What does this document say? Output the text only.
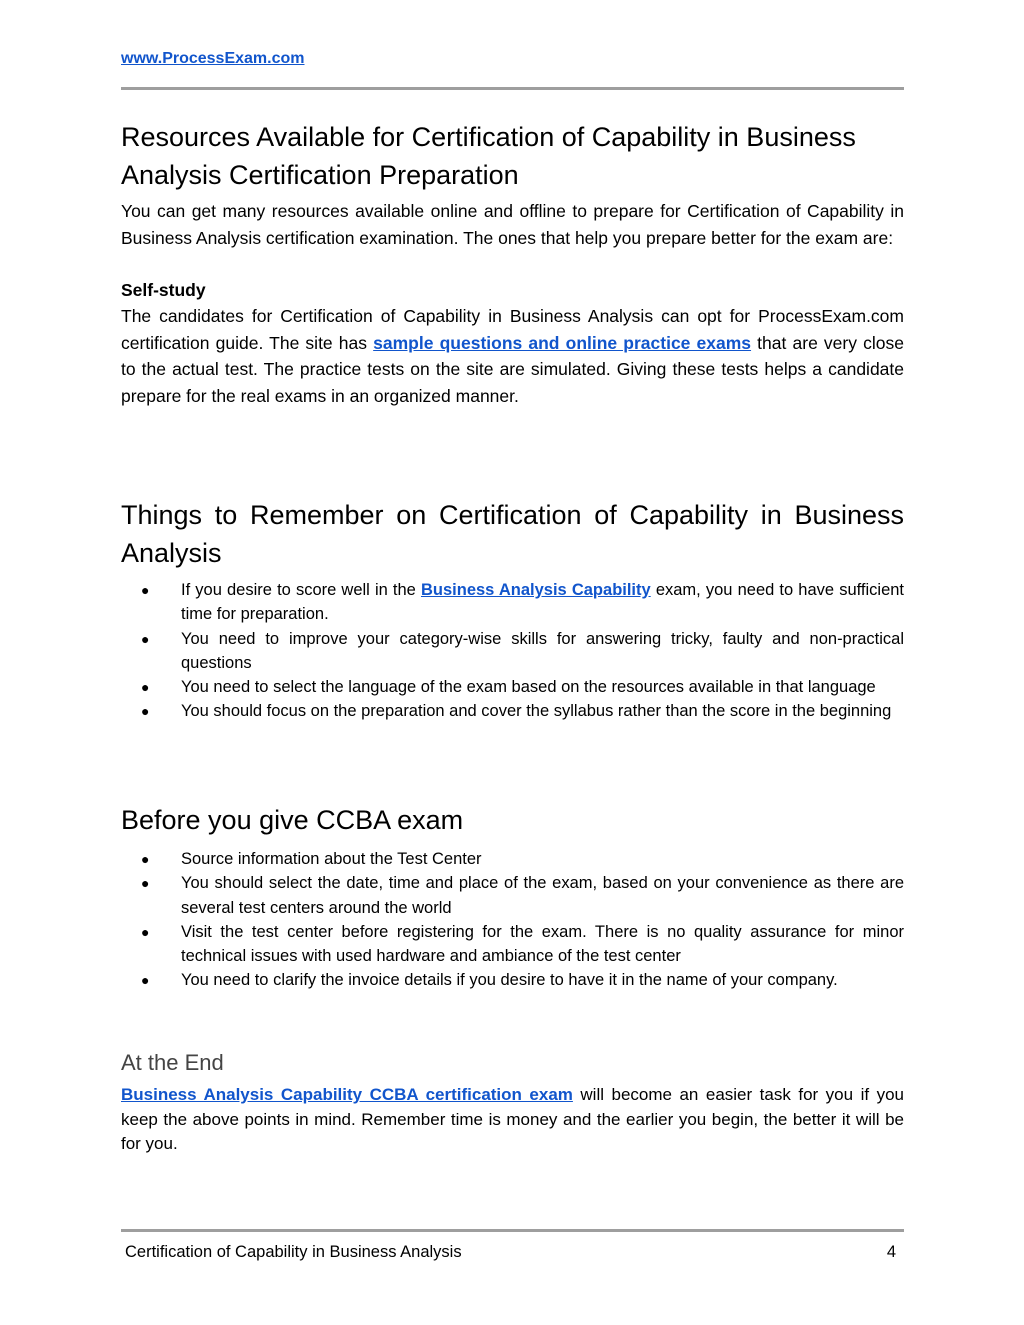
www.ProcessExam.com
Resources Available for Certification of Capability in Business Analysis Certification Preparation

You can get many resources available online and offline to prepare for Certification of Capability in Business Analysis certification examination. The ones that help you prepare better for the exam are:

Self-study

The candidates for Certification of Capability in Business Analysis can opt for ProcessExam.com certification guide. The site has sample questions and online practice exams that are very close to the actual test. The practice tests on the site are simulated. Giving these tests helps a candidate prepare for the real exams in an organized manner.

Things to Remember on Certification of Capability in Business Analysis
● If you desire to score well in the Business Analysis Capability exam, you need to have sufficient time for preparation.
● You need to improve your category-wise skills for answering tricky, faulty and non-practical questions
● You need to select the language of the exam based on the resources available in that language
● You should focus on the preparation and cover the syllabus rather than the score in the beginning
Before you give CCBA exam
● Source information about the Test Center
● You should select the date, time and place of the exam, based on your convenience as there are several test centers around the world
● Visit the test center before registering for the exam. There is no quality assurance for minor technical issues with used hardware and ambiance of the test center
● You need to clarify the invoice details if you desire to have it in the name of your company.
At the End

Business Analysis Capability CCBA certification exam will become an easier task for you if you keep the above points in mind. Remember time is money and the earlier you begin, the better it will be for you.

Certification of Capability in Business Analysis	4
